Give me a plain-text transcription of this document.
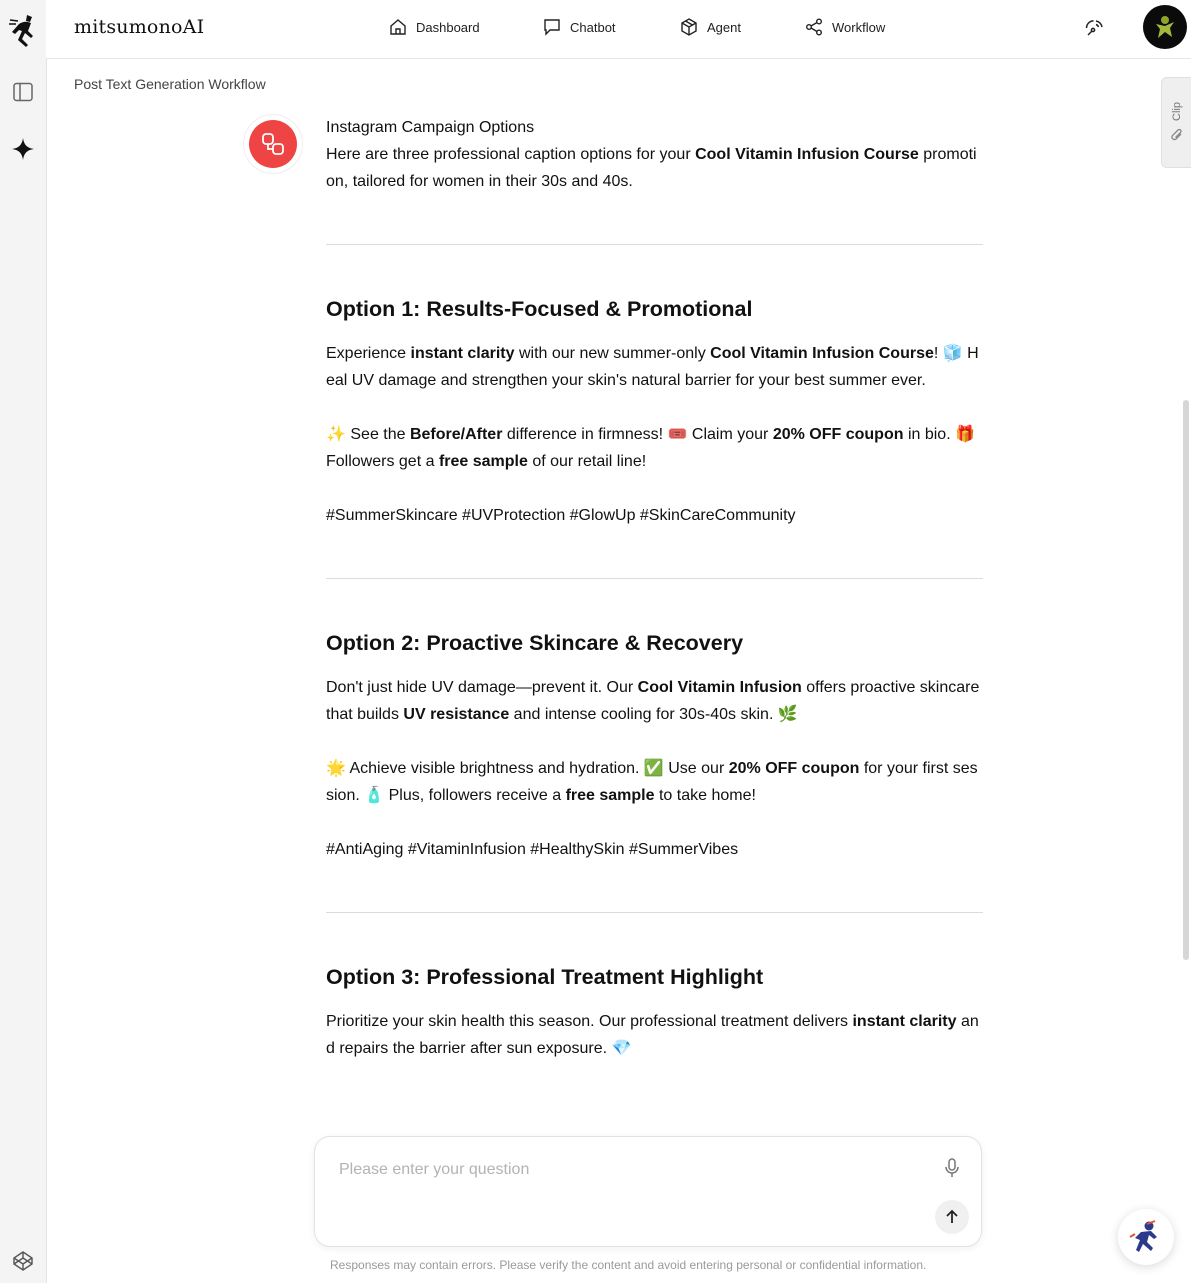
mitsumonoAI	Dashboard	Chatbot	Agent	Workflow
Post Text Generation Workflow
Clip

Instagram Campaign Options

Here are three professional caption options for your Cool Vitamin Infusion Course promotion, tailored for women in their 30s and 40s.

Option 1: Results-Focused & Promotional

Experience instant clarity with our new summer-only Cool Vitamin Infusion Course! 🧊 Heal UV damage and strengthen your skin's natural barrier for your best summer ever.

✨ See the Before/After difference in firmness! 🎟️ Claim your 20% OFF coupon in bio. 🎁 Followers get a free sample of our retail line!

#SummerSkincare #UVProtection #GlowUp #SkinCareCommunity

Option 2: Proactive Skincare & Recovery

Don't just hide UV damage—prevent it. Our Cool Vitamin Infusion offers proactive skincare that builds UV resistance and intense cooling for 30s-40s skin. 🌿

🌟 Achieve visible brightness and hydration. ✅ Use our 20% OFF coupon for your first session. 🧴 Plus, followers receive a free sample to take home!

#AntiAging #VitaminInfusion #HealthySkin #SummerVibes

Option 3: Professional Treatment Highlight

Prioritize your skin health this season. Our professional treatment delivers instant clarity and repairs the barrier after sun exposure. 💎

Please enter your question
Responses may contain errors. Please verify the content and avoid entering personal or confidential information.
